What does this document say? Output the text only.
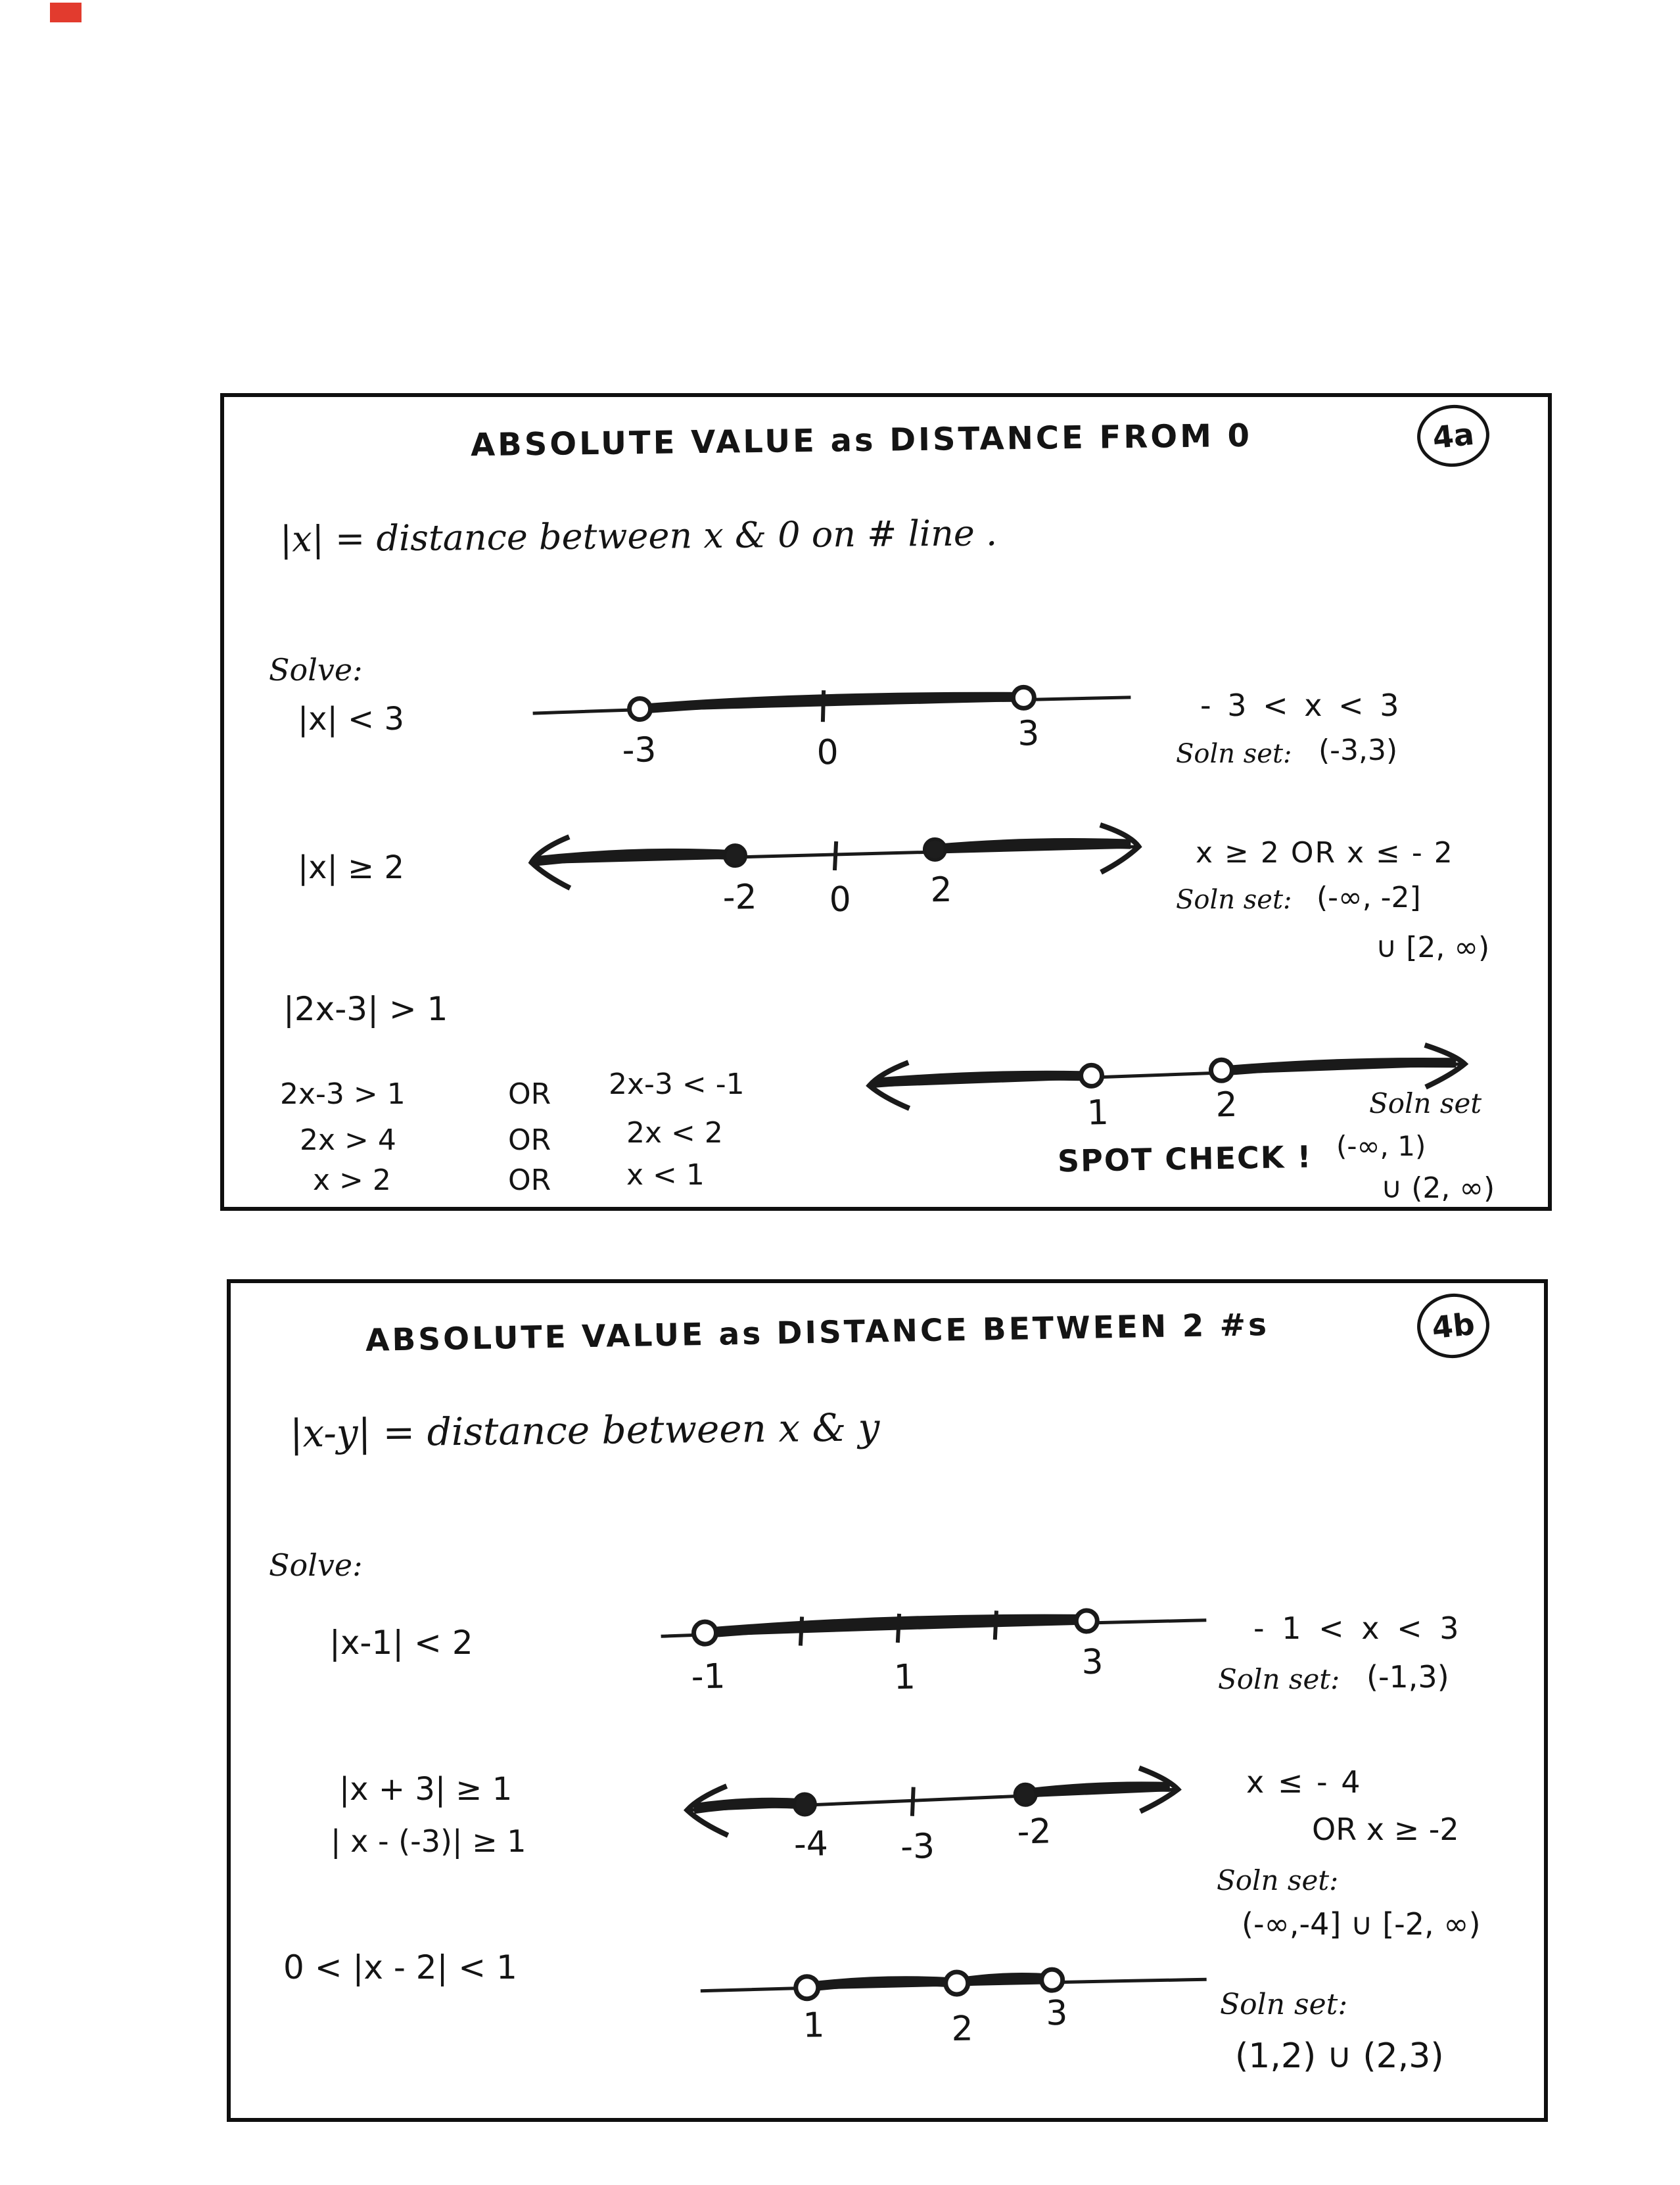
ABSOLUTE VALUE as DISTANCE FROM 0	4a
|x| = distance between x & 0 on # line .
Solve:
|x| < 3
-3	0	3
- 3 < x < 3
Soln set: (-3,3)
|x| ≥ 2
-2 0 2
x ≥ 2 OR x ≤ - 2
Soln set: (-∞, -2]
∪ [2, ∞)
|2x-3| > 1
2x-3 > 1	OR 2x-3 < -1
2x > 4	OR	2x < 2
x > 2	OR	x < 1
1	2	Soln set
SPOT CHECK ! (-∞, 1)
∪ (2, ∞)
ABSOLUTE VALUE as DISTANCE BETWEEN 2 #s	4b
|x-y| = distance between x & y
Solve:
|x-1| < 2
-1	1	3
- 1 < x < 3
Soln set: (-1,3)
|x + 3| ≥ 1
| x - (-3)| ≥ 1	-4 -3 -2
x ≤ - 4
OR x ≥ -2
Soln set:
(-∞,-4] ∪ [-2, ∞)
0 < |x - 2| < 1
1	2 3	Soln set:
(1,2) ∪ (2,3)
